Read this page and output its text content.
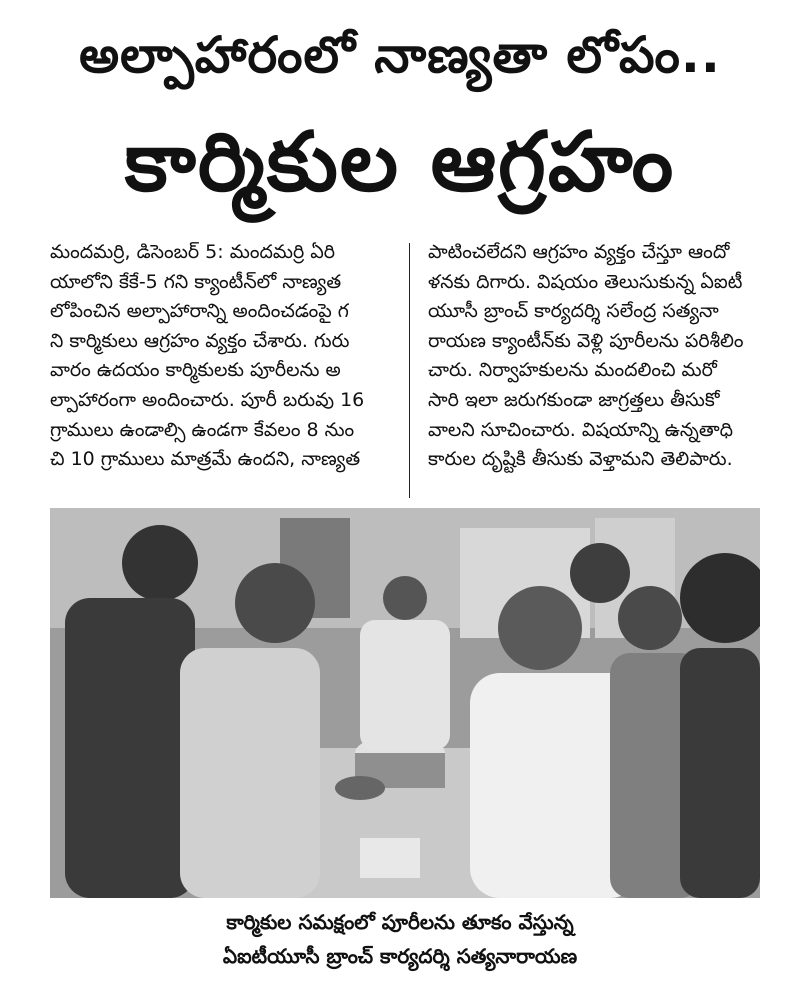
అల్పాహారంలో నాణ్యతా లోపం..
కార్మికుల ఆగ్రహం
మందమర్రి, డిసెంబర్ 5: మందమర్రి ఏరి
యాలోని కేకే-5 గని క్యాంటీన్‌లో నాణ్యత
లోపించిన అల్పాహారాన్ని అందించడంపై గ
ని కార్మికులు ఆగ్రహం వ్యక్తం చేశారు. గురు
వారం ఉదయం కార్మికులకు పూరీలను అ
ల్పాహారంగా అందించారు. పూరీ బరువు 16
గ్రాములు ఉండాల్సి ఉండగా కేవలం 8 నుం
చి 10 గ్రాములు మాత్రమే ఉందని, నాణ్యత
పాటించలేదని ఆగ్రహం వ్యక్తం చేస్తూ ఆందో
ళనకు దిగారు. విషయం తెలుసుకున్న ఏఐటీ
యూసీ బ్రాంచ్ కార్యదర్శి సలేంద్ర సత్యనా
రాయణ క్యాంటీన్‌కు వెళ్లి పూరీలను పరిశీలిం
చారు. నిర్వాహకులను మందలించి మరో
సారి ఇలా జరుగకుండా జాగ్రత్తలు తీసుకో
వాలని సూచించారు. విషయాన్ని ఉన్నతాధి
కారుల దృష్టికి తీసుకు వెళ్తామని తెలిపారు.
కార్మికుల సమక్షంలో పూరీలను తూకం వేస్తున్న
ఏఐటీయూసీ బ్రాంచ్ కార్యదర్శి సత్యనారాయణ
